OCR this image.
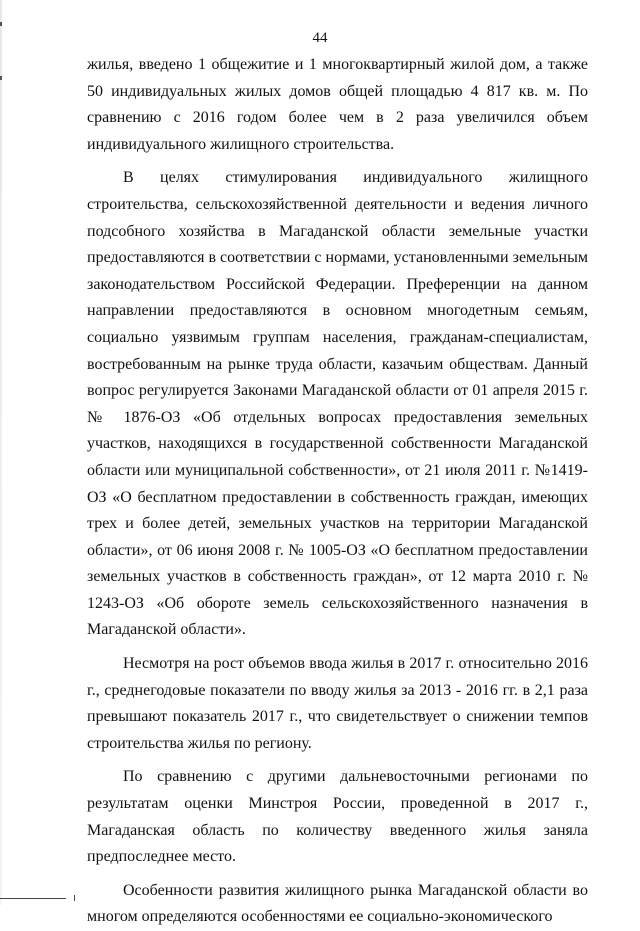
44

жилья, введено 1 общежитие и 1 многоквартирный жилой дом, а также 50 индивидуальных жилых домов общей площадью 4 817 кв. м. По сравнению с 2016 годом более чем в 2 раза увеличился объем индивидуального жилищного строительства.

В целях стимулирования индивидуального жилищного строительства, сельскохозяйственной деятельности и ведения личного подсобного хозяйства в Магаданской области земельные участки предоставляются в соответствии с нормами, установленными земельным законодательством Российской Федерации. Преференции на данном направлении предоставляются в основном многодетным семьям, социально уязвимым группам населения, гражданам-специалистам, востребованным на рынке труда области, казачьим обществам. Данный вопрос регулируется Законами Магаданской области от 01 апреля 2015 г. № 1876-ОЗ «Об отдельных вопросах предоставления земельных участков, находящихся в государственной собственности Магаданской области или муниципальной собственности», от 21 июля 2011 г. №1419-ОЗ «О бесплатном предоставлении в собственность граждан, имеющих трех и более детей, земельных участков на территории Магаданской области», от 06 июня 2008 г. № 1005-ОЗ «О бесплатном предоставлении земельных участков в собственность граждан», от 12 марта 2010 г. № 1243-ОЗ «Об обороте земель сельскохозяйственного назначения в Магаданской области».

Несмотря на рост объемов ввода жилья в 2017 г. относительно 2016 г., среднегодовые показатели по вводу жилья за 2013 - 2016 гг. в 2,1 раза превышают показатель 2017 г., что свидетельствует о снижении темпов строительства жилья по региону.

По сравнению с другими дальневосточными регионами по результатам оценки Минстроя России, проведенной в 2017 г., Магаданская область по количеству введенного жилья заняла предпоследнее место.

Особенности развития жилищного рынка Магаданской области во многом определяются особенностями ее социально-экономического
